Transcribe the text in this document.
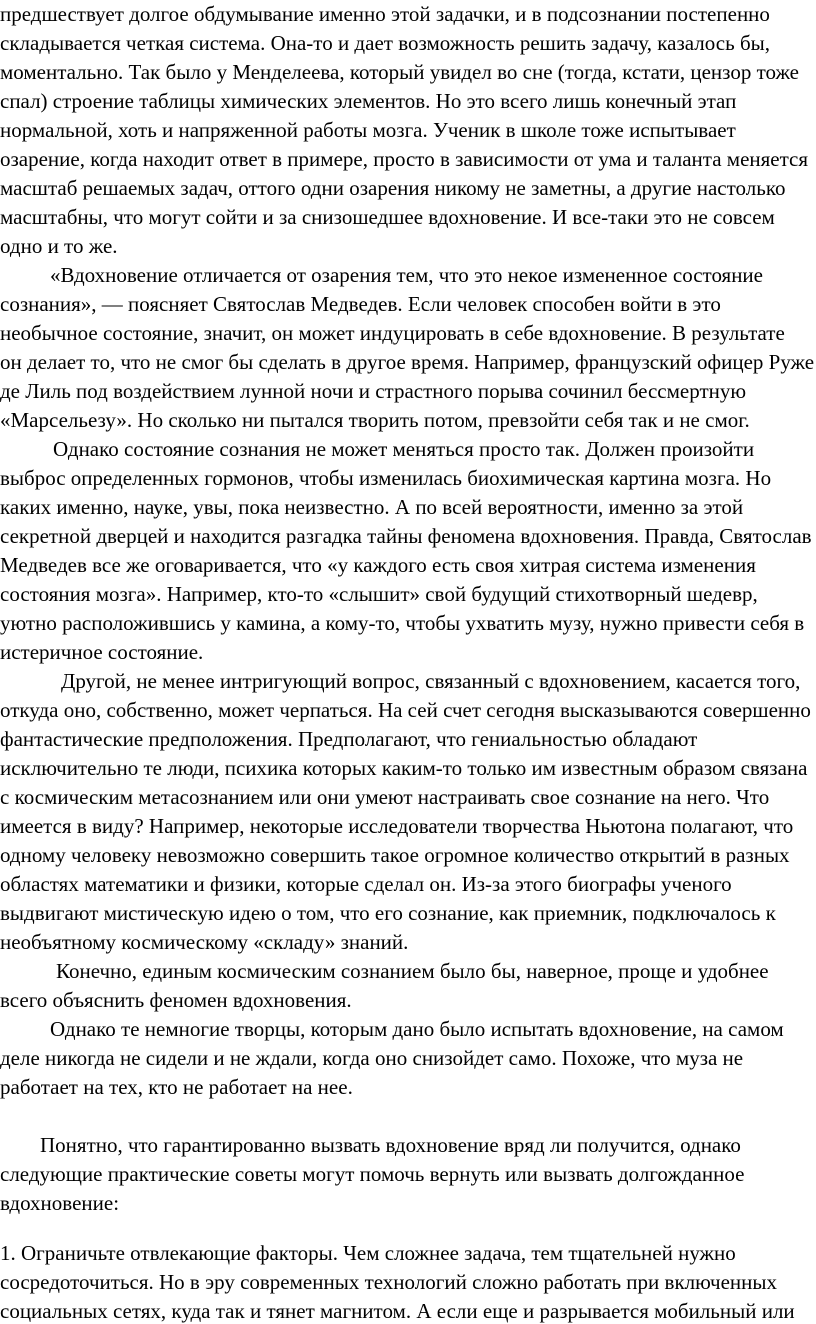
предшествует долгое обдумывание именно этой задачки, и в подсознании постепенно
складывается четкая система. Она-то и дает возможность решить задачу, казалось бы,
моментально. Так было у Менделеева, который увидел во сне (тогда, кстати, цензор тоже
спал) строение таблицы химических элементов. Но это всего лишь конечный этап
нормальной, хоть и напряженной работы мозга. Ученик в школе тоже испытывает
озарение, когда находит ответ в примере, просто в зависимости от ума и таланта меняется
масштаб решаемых задач, оттого одни озарения никому не заметны, а другие настолько
масштабны, что могут сойти и за снизошедшее вдохновение. И все-таки это не совсем
одно и то же.
«Вдохновение отличается от озарения тем, что это некое измененное состояние
сознания», — поясняет Святослав Медведев. Если человек способен войти в это
необычное состояние, значит, он может индуцировать в себе вдохновение. В результате
он делает то, что не смог бы сделать в другое время. Например, французский офицер Руже
де Лиль под воздействием лунной ночи и страстного порыва сочинил бессмертную
«Марсельезу». Но сколько ни пытался творить потом, превзойти себя так и не смог.
Однако состояние сознания не может меняться просто так. Должен произойти
выброс определенных гормонов, чтобы изменилась биохимическая картина мозга. Но
каких именно, науке, увы, пока неизвестно. А по всей вероятности, именно за этой
секретной дверцей и находится разгадка тайны феномена вдохновения. Правда, Святослав
Медведев все же оговаривается, что «у каждого есть своя хитрая система изменения
состояния мозга». Например, кто-то «слышит» свой будущий стихотворный шедевр,
уютно расположившись у камина, а кому-то, чтобы ухватить музу, нужно привести себя в
истеричное состояние.
Другой, не менее интригующий вопрос, связанный с вдохновением, касается того,
откуда оно, собственно, может черпаться. На сей счет сегодня высказываются совершенно
фантастические предположения. Предполагают, что гениальностью обладают
исключительно те люди, психика которых каким-то только им известным образом связана
с космическим метасознанием или они умеют настраивать свое сознание на него. Что
имеется в виду? Например, некоторые исследователи творчества Ньютона полагают, что
одному человеку невозможно совершить такое огромное количество открытий в разных
областях математики и физики, которые сделал он. Из-за этого биографы ученого
выдвигают мистическую идею о том, что его сознание, как приемник, подключалось к
необъятному космическому «складу» знаний.
Конечно, единым космическим сознанием было бы, наверное, проще и удобнее
всего объяснить феномен вдохновения.
Однако те немногие творцы, которым дано было испытать вдохновение, на самом
деле никогда не сидели и не ждали, когда оно снизойдет само. Похоже, что муза не
работает на тех, кто не работает на нее.
Понятно, что гарантированно вызвать вдохновение вряд ли получится, однако
следующие практические советы могут помочь вернуть или вызвать долгожданное
вдохновение:
1. Ограничьте отвлекающие факторы. Чем сложнее задача, тем тщательней нужно
сосредоточиться. Но в эру современных технологий сложно работать при включенных
социальных сетях, куда так и тянет магнитом. А если еще и разрывается мобильный или
